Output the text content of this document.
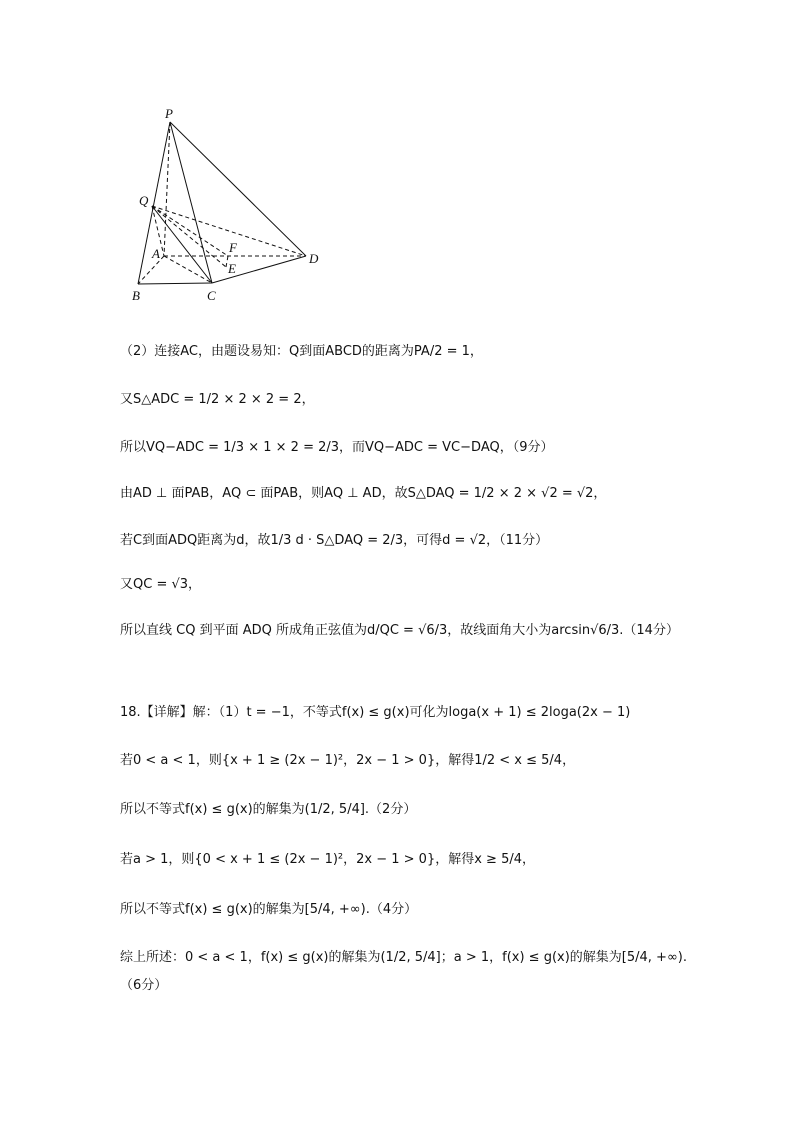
P
Q
A	F
E
D
B	C
（2）连接AC，由题设易知：Q到面ABCD的距离为PA/2 = 1，
又S△ADC = 1/2 × 2 × 2 = 2，
所以VQ−ADC = 1/3 × 1 × 2 = 2/3，而VQ−ADC = VC−DAQ，（9分）
由AD ⊥ 面PAB，AQ ⊂ 面PAB，则AQ ⊥ AD，故S△DAQ = 1/2 × 2 × √2 = √2，
若C到面ADQ距离为d，故1/3 d · S△DAQ = 2/3，可得d = √2，（11分）
又QC = √3，
所以直线 CQ 到平面 ADQ 所成角正弦值为d/QC = √6/3，故线面角大小为arcsin√6/3.（14分）
18.【详解】解：（1）t = −1，不等式f(x) ≤ g(x)可化为loga(x + 1) ≤ 2loga(2x − 1)
若0 < a < 1，则{x + 1 ≥ (2x − 1)²，2x − 1 > 0}，解得1/2 < x ≤ 5/4，
所以不等式f(x) ≤ g(x)的解集为(1/2, 5/4].（2分）
若a > 1，则{0 < x + 1 ≤ (2x − 1)²，2x − 1 > 0}，解得x ≥ 5/4，
所以不等式f(x) ≤ g(x)的解集为[5/4, +∞).（4分）
综上所述：0 < a < 1，f(x) ≤ g(x)的解集为(1/2, 5/4]；a > 1，f(x) ≤ g(x)的解集为[5/4, +∞).
（6分）
